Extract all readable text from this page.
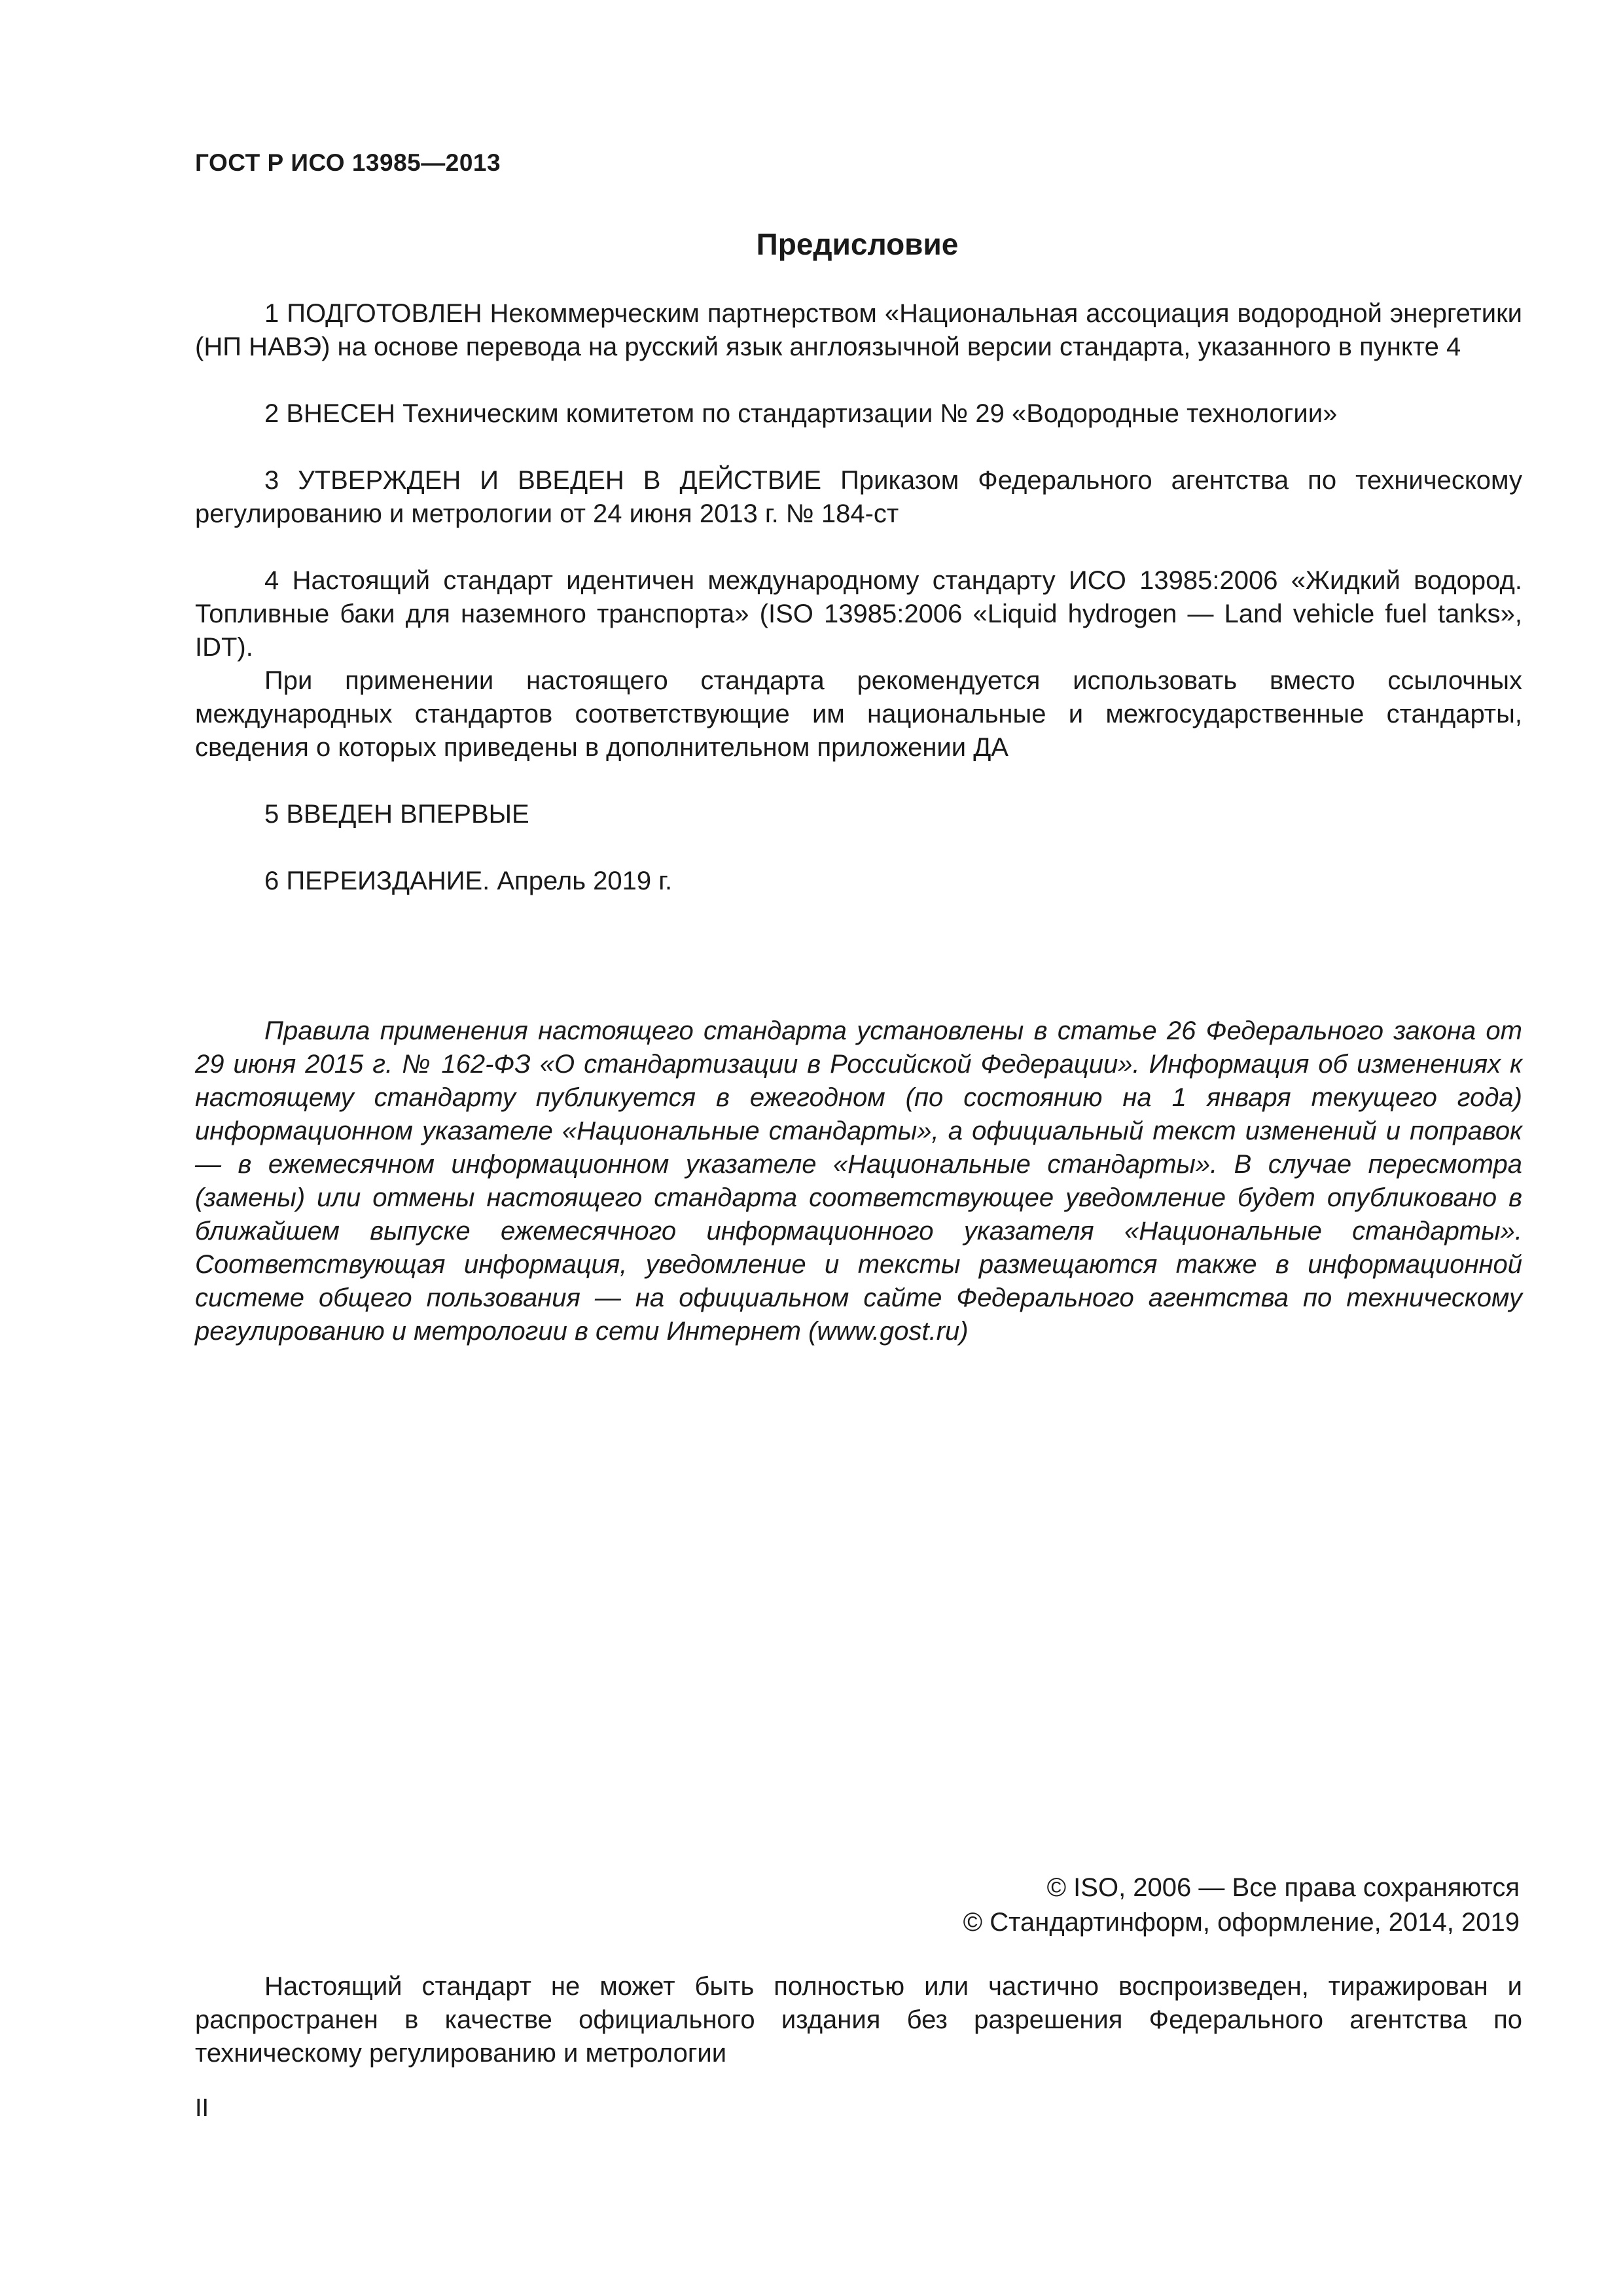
ГОСТ Р ИСО 13985—2013
Предисловие

1 ПОДГОТОВЛЕН Некоммерческим партнерством «Национальная ассоциация водородной энергетики (НП НАВЭ) на основе перевода на русский язык англоязычной версии стандарта, указанного в пункте 4

2 ВНЕСЕН Техническим комитетом по стандартизации № 29 «Водородные технологии»

3 УТВЕРЖДЕН И ВВЕДЕН В ДЕЙСТВИЕ Приказом Федерального агентства по техническому регулированию и метрологии от 24 июня 2013 г. № 184-ст

4 Настоящий стандарт идентичен международному стандарту ИСО 13985:2006 «Жидкий водород. Топливные баки для наземного транспорта» (ISO 13985:2006 «Liquid hydrogen — Land vehicle fuel tanks», IDT).

При применении настоящего стандарта рекомендуется использовать вместо ссылочных международных стандартов соответствующие им национальные и межгосударственные стандарты, сведения о которых приведены в дополнительном приложении ДА

5 ВВЕДЕН ВПЕРВЫЕ

6 ПЕРЕИЗДАНИЕ. Апрель 2019 г.

Правила применения настоящего стандарта установлены в статье 26 Федерального закона от 29 июня 2015 г. № 162-ФЗ «О стандартизации в Российской Федерации». Информация об изменениях к настоящему стандарту публикуется в ежегодном (по состоянию на 1 января текущего года) информационном указателе «Национальные стандарты», а официальный текст изменений и поправок — в ежемесячном информационном указателе «Национальные стандарты». В случае пересмотра (замены) или отмены настоящего стандарта соответствующее уведомление будет опубликовано в ближайшем выпуске ежемесячного информационного указателя «Национальные стандарты». Соответствующая информация, уведомление и тексты размещаются также в информационной системе общего пользования — на официальном сайте Федерального агентства по техническому регулированию и метрологии в сети Интернет (www.gost.ru)

© ISO, 2006 — Все права сохраняются
© Стандартинформ, оформление, 2014, 2019

Настоящий стандарт не может быть полностью или частично воспроизведен, тиражирован и распространен в качестве официального издания без разрешения Федерального агентства по техническому регулированию и метрологии

II
